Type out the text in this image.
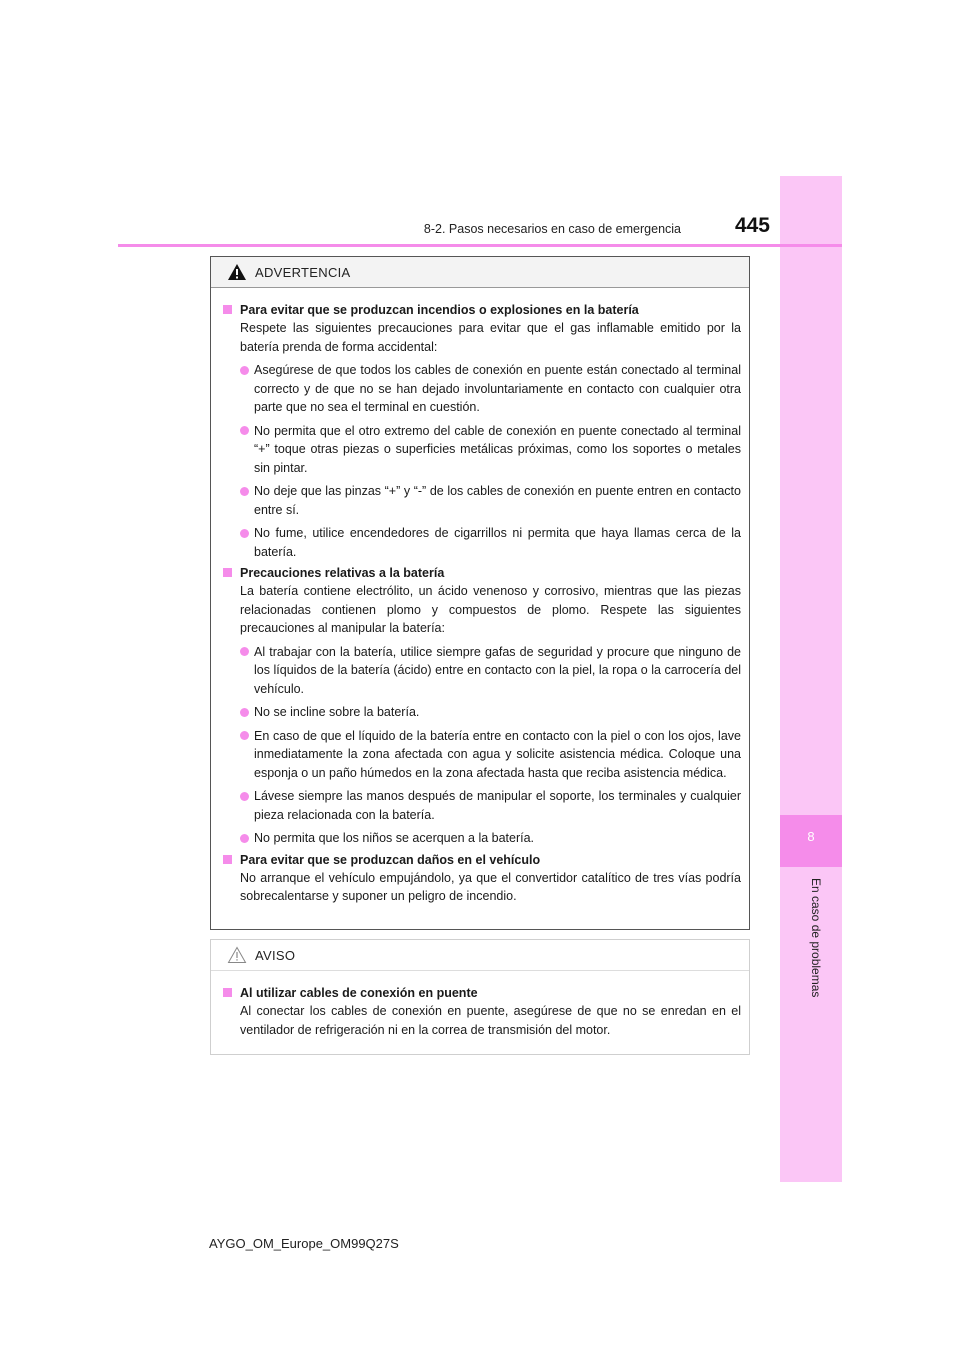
8
En caso de problemas
8-2. Pasos necesarios en caso de emergencia	445
ADVERTENCIA
Para evitar que se produzcan incendios o explosiones en la batería
Respete las siguientes precauciones para evitar que el gas inflamable emitido por la batería prenda de forma accidental:
Asegúrese de que todos los cables de conexión en puente están conectado al terminal correcto y de que no se han dejado involuntariamente en contacto con cualquier otra parte que no sea el terminal en cuestión.
No permita que el otro extremo del cable de conexión en puente conectado al terminal “+” toque otras piezas o superficies metálicas próximas, como los soportes o metales sin pintar.
No deje que las pinzas “+” y “-” de los cables de conexión en puente entren en contacto entre sí.
No fume, utilice encendedores de cigarrillos ni permita que haya llamas cerca de la batería.
Precauciones relativas a la batería
La batería contiene electrólito, un ácido venenoso y corrosivo, mientras que las piezas relacionadas contienen plomo y compuestos de plomo. Respete las siguientes precauciones al manipular la batería:
Al trabajar con la batería, utilice siempre gafas de seguridad y procure que ninguno de los líquidos de la batería (ácido) entre en contacto con la piel, la ropa o la carrocería del vehículo.
No se incline sobre la batería.
En caso de que el líquido de la batería entre en contacto con la piel o con los ojos, lave inmediatamente la zona afectada con agua y solicite asistencia médica. Coloque una esponja o un paño húmedos en la zona afectada hasta que reciba asistencia médica.
Lávese siempre las manos después de manipular el soporte, los terminales y cualquier pieza relacionada con la batería.
No permita que los niños se acerquen a la batería.
Para evitar que se produzcan daños en el vehículo
No arranque el vehículo empujándolo, ya que el convertidor catalítico de tres vías podría sobrecalentarse y suponer un peligro de incendio.
AVISO
Al utilizar cables de conexión en puente
Al conectar los cables de conexión en puente, asegúrese de que no se enredan en el ventilador de refrigeración ni en la correa de transmisión del motor.
AYGO_OM_Europe_OM99Q27S
